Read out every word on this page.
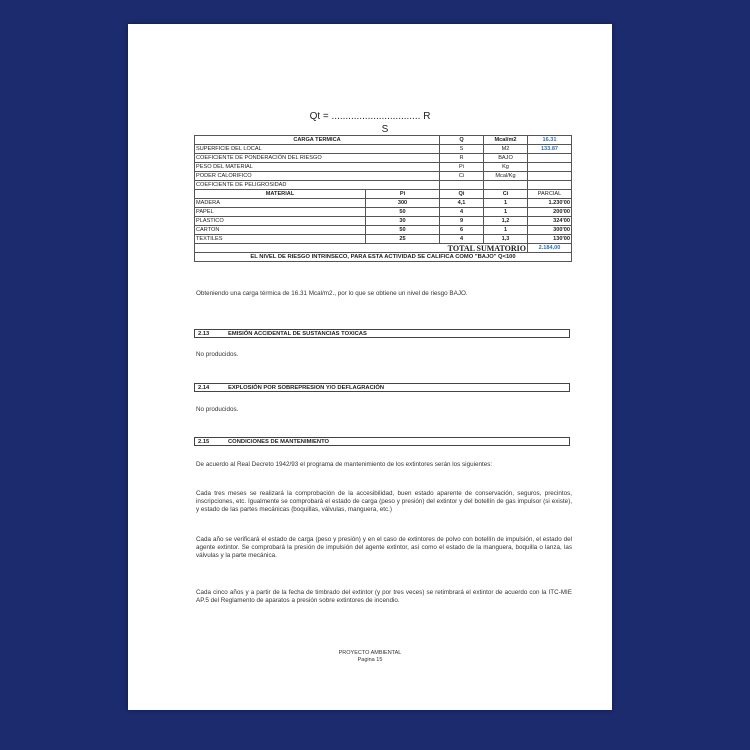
Qt = ................................ R
S
CARGA TERMICA		Q	Mcal/m2	16.31
SUPERFICIE DEL LOCAL		S	M2	133.87
COEFICIENTE DE PONDERACIÓN DEL RIESGO		R	BAJO	
PESO DEL MATERIAL		Pi	Kg	
PODER CALORIFICO		Ci	Mcal/Kg	
COEFICIENTE DE PELIGROSIDAD				
MATERIAL	Pi	Qi	Ci	PARCIAL
MADERA	300	4,1	1	1.230'00
PAPEL	50	4	1	200'00
PLASTICO	30	9	1,2	324'00
CARTON	50	6	1	300'00
TEXTILES	25	4	1,3	130'00
TOTAL SUMATORIO				2.184,00
EL NIVEL DE RIESGO INTRINSECO, PARA ESTA ACTIVIDAD SE CALIFICA COMO "BAJO" Q<100				
Obteniendo una carga térmica de 16.31 Mcal/m2., por lo que se obtiene un nivel de riesgo BAJO.
2.13	EMISIÓN ACCIDENTAL DE SUSTANCIAS TOXICAS
No producidos.
2.14	EXPLOSIÓN POR SOBREPRESION Y/O DEFLAGRACIÓN
No producidos.
2.15	CONDICIONES DE MANTENIMIENTO
De acuerdo al Real Decreto 1942/93 el programa de mantenimiento de los extintores serán los siguientes:
Cada tres meses se realizará la comprobación de la accesibilidad, buen estado aparente de conservación, seguros, precintos, inscripciones, etc. Igualmente se comprobará el estado de carga (peso y presión) del extintor y del botellín de gas impulsor (si existe), y estado de las partes mecánicas (boquillas, válvulas, manguera, etc.)
Cada año se verificará el estado de carga (peso y presión) y en el caso de extintores de polvo con botellín de impulsión, el estado del agente extintor. Se comprobará la presión de impulsión del agente extintor, así como el estado de la manguera, boquilla o lanza, las válvulas y la parte mecánica.
Cada cinco años y a partir de la fecha de timbrado del extintor (y por tres veces) se retimbrará el extintor de acuerdo con la ITC-MIE AP.5 del Reglamento de aparatos a presión sobre extintores de incendio.
PROYECTO AMBIENTAL
Pagina 15
